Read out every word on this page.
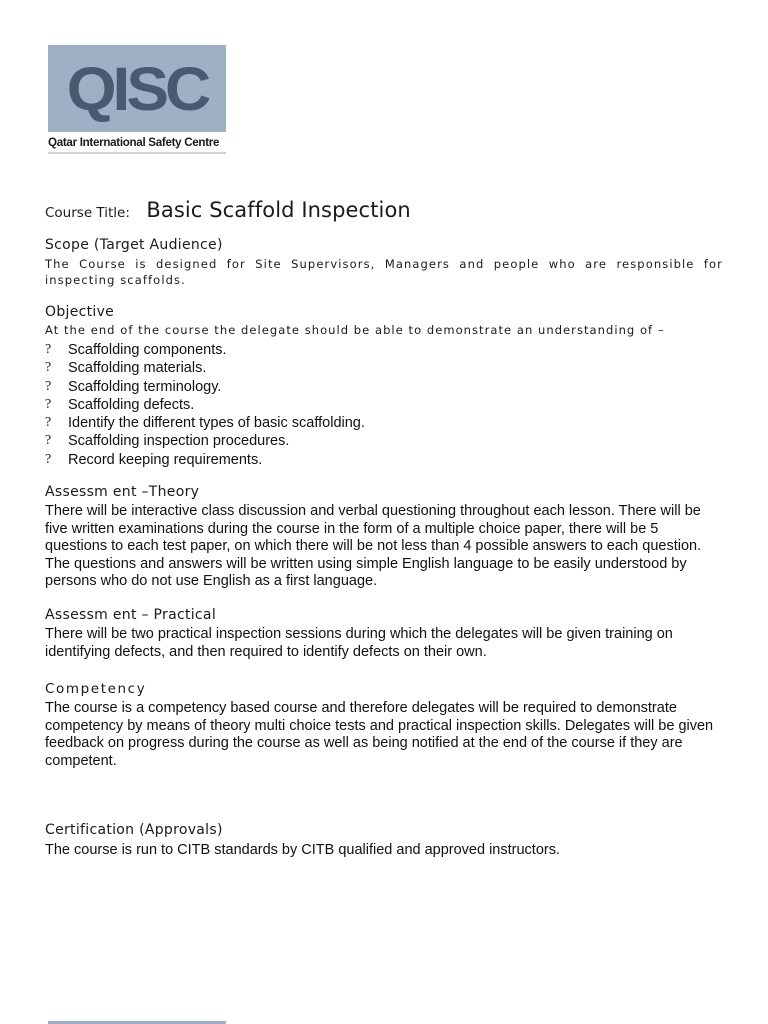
QISC
Qatar International Safety Centre
Course Title: Basic Scaffold Inspection
Scope (Target Audience)
The Course is designed for Site Supervisors, Managers and people who are responsible for inspecting scaffolds.
Objective
At the end of the course the delegate should be able to demonstrate an understanding of –
? Scaffolding components.
? Scaffolding materials.
? Scaffolding terminology.
? Scaffolding defects.
? Identify the different types of basic scaffolding.
? Scaffolding inspection procedures.
? Record keeping requirements.
Assessm ent –Theory
There will be interactive class discussion and verbal questioning throughout each lesson. There will be five written examinations during the course in the form of a multiple choice paper, there will be 5 questions to each test paper, on which there will be not less than 4 possible answers to each question. The questions and answers will be written using simple English language to be easily understood by persons who do not use English as a first language.
Assessm ent – Practical
There will be two practical inspection sessions during which the delegates will be given training on identifying defects, and then required to identify defects on their own.
Competency
The course is a competency based course and therefore delegates will be required to demonstrate competency by means of theory multi choice tests and practical inspection skills. Delegates will be given feedback on progress during the course as well as being notified at the end of the course if they are competent.
Certification (Approvals)
The course is run to CITB standards by CITB qualified and approved instructors.
